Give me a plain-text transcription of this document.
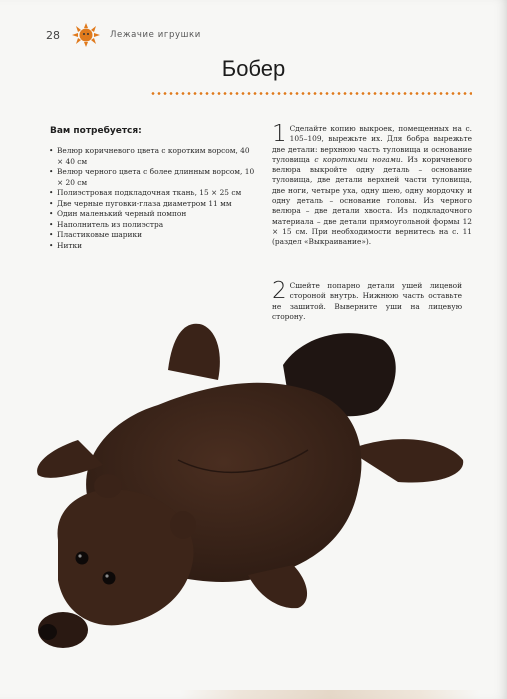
28	Лежачие игрушки
Бобер
Вам потребуется:
• Велюр коричневого цвета с коротким ворсом, 40 × 40 см
• Велюр черного цвета с более длинным ворсом, 10 × 20 см
• Полиэстровая подкладочная ткань, 15 × 25 см
• Две черные пуговки-глаза диаметром 11 мм
• Один маленький черный помпон
• Наполнитель из полиэстра
• Пластиковые шарики
• Нитки
1 Сделайте копию выкроек, помещенных на с. 105–109, вырежьте их. Для бобра вырежьте две детали: верхнюю часть туловища и основание туловища с короткими ногами. Из коричневого велюра выкройте одну деталь – основание туловища, две детали верхней части туловища, две ноги, четыре уха, одну шею, одну мордочку и одну деталь – основание головы. Из черного велюра – две детали хвоста. Из подкладочного материала – две детали прямоугольной формы 12 × 15 см. При необходимости вернитесь на с. 11 (раздел «Выкраивание»).
2 Сшейте попарно детали ушей лицевой стороной внутрь. Нижнюю часть оставьте не зашитой. Выверните уши на лицевую сторону.
